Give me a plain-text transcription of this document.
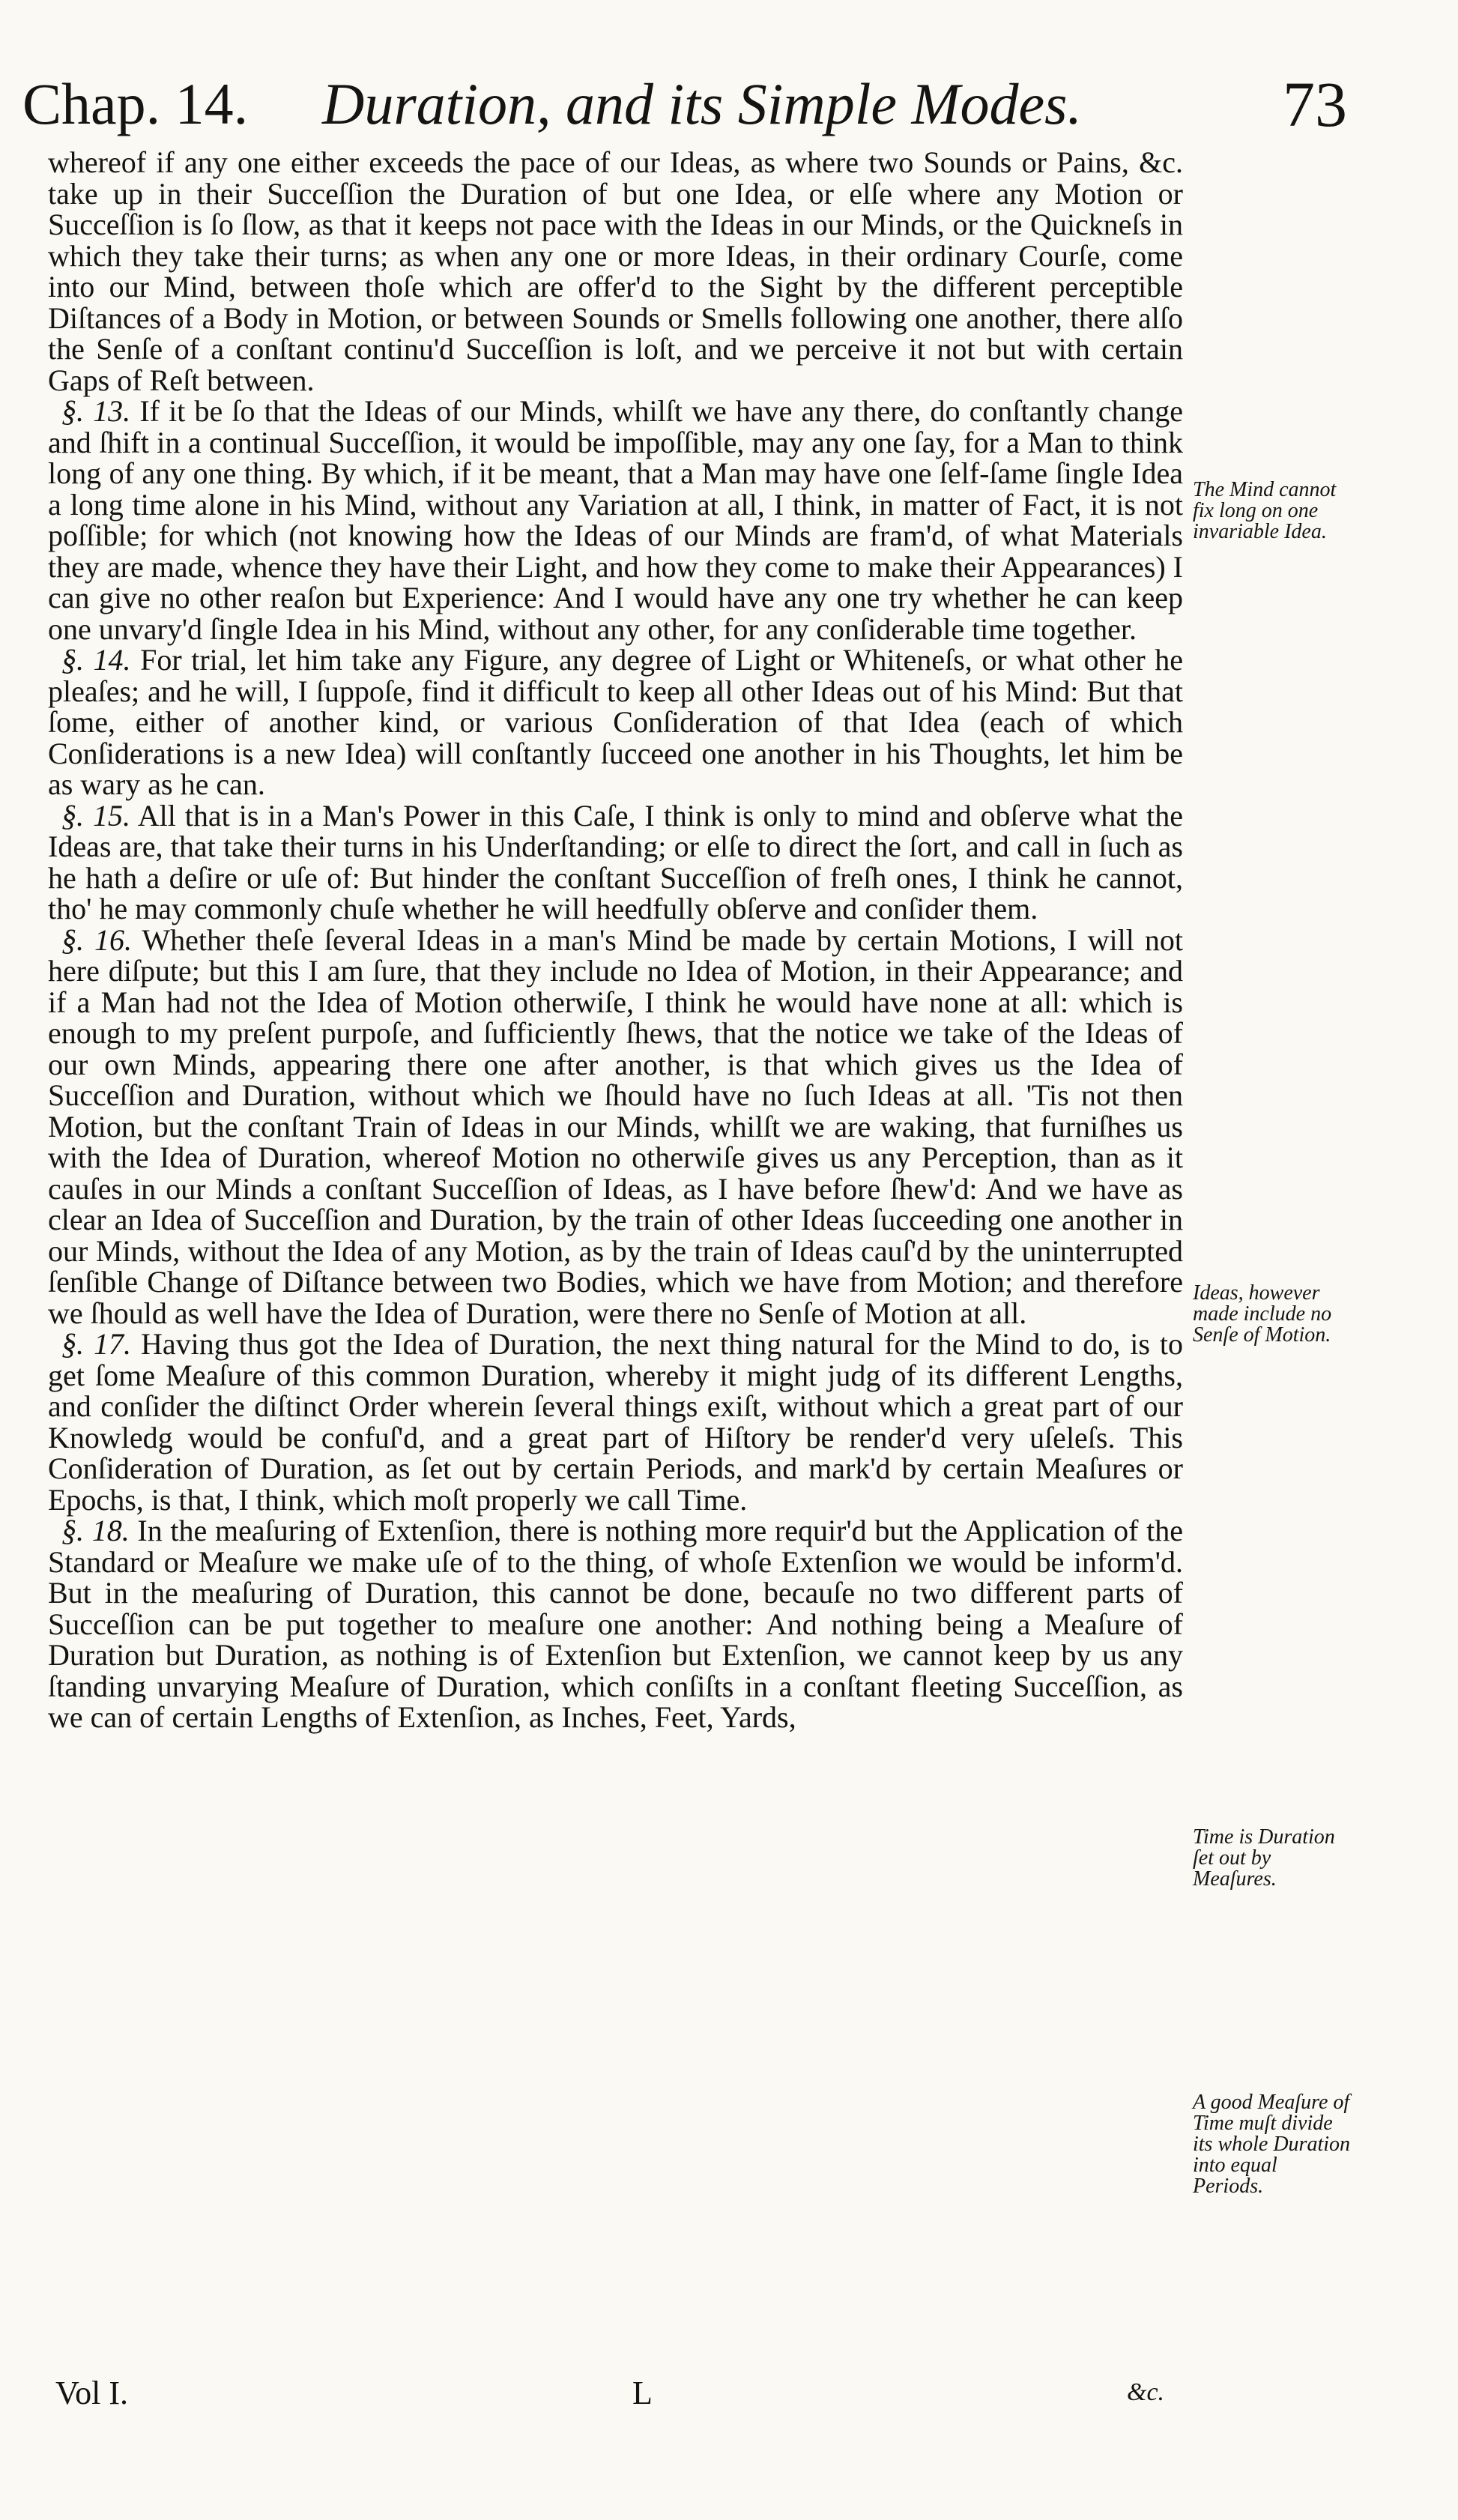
Chap. 14. Duration, and its Simple Modes.	73

whereof if any one either exceeds the pace of our Ideas, as where two Sounds or Pains, &c. take up in their Succeſſion the Duration of but one Idea, or elſe where any Motion or Succeſſion is ſo ſlow, as that it keeps not pace with the Ideas in our Minds, or the Quickneſs in which they take their turns; as when any one or more Ideas, in their ordinary Courſe, come into our Mind, between thoſe which are offer'd to the Sight by the different perceptible Diſtances of a Body in Motion, or between Sounds or Smells following one another, there alſo the Senſe of a conſtant continu'd Succeſſion is loſt, and we perceive it not but with certain Gaps of Reſt between.

§. 13. If it be ſo that the Ideas of our Minds, whilſt we have any there, do conſtantly change and ſhift in a continual Succeſſion, it would be impoſſible, may any one ſay, for a Man to think long of any one thing. By which, if it be meant, that a Man may have one ſelf-ſame ſingle Idea a long time alone in his Mind, without any Variation at all, I think, in matter of Fact, it is not poſſible; for which (not knowing how the Ideas of our Minds are fram'd, of what Materials they are made, whence they have their Light, and how they come to make their Appearances) I can give no other reaſon but Experience: And I would have any one try whether he can keep one unvary'd ſingle Idea in his Mind, without any other, for any conſiderable time together.

§. 14. For trial, let him take any Figure, any degree of Light or Whiteneſs, or what other he pleaſes; and he will, I ſuppoſe, find it difficult to keep all other Ideas out of his Mind: But that ſome, either of another kind, or various Conſideration of that Idea (each of which Conſiderations is a new Idea) will conſtantly ſucceed one another in his Thoughts, let him be as wary as he can.

§. 15. All that is in a Man's Power in this Caſe, I think is only to mind and obſerve what the Ideas are, that take their turns in his Underſtanding; or elſe to direct the ſort, and call in ſuch as he hath a deſire or uſe of: But hinder the conſtant Succeſſion of freſh ones, I think he cannot, tho' he may commonly chuſe whether he will heedfully obſerve and conſider them.

§. 16. Whether theſe ſeveral Ideas in a man's Mind be made by certain Motions, I will not here diſpute; but this I am ſure, that they include no Idea of Motion, in their Appearance; and if a Man had not the Idea of Motion otherwiſe, I think he would have none at all: which is enough to my preſent purpoſe, and ſufficiently ſhews, that the notice we take of the Ideas of our own Minds, appearing there one after another, is that which gives us the Idea of Succeſſion and Duration, without which we ſhould have no ſuch Ideas at all. 'Tis not then Motion, but the conſtant Train of Ideas in our Minds, whilſt we are waking, that furniſhes us with the Idea of Duration, whereof Motion no otherwiſe gives us any Perception, than as it cauſes in our Minds a conſtant Succeſſion of Ideas, as I have before ſhew'd: And we have as clear an Idea of Succeſſion and Duration, by the train of other Ideas ſucceeding one another in our Minds, without the Idea of any Motion, as by the train of Ideas cauſ'd by the uninterrupted ſenſible Change of Diſtance between two Bodies, which we have from Motion; and therefore we ſhould as well have the Idea of Duration, were there no Senſe of Motion at all.

§. 17. Having thus got the Idea of Duration, the next thing natural for the Mind to do, is to get ſome Meaſure of this common Duration, whereby it might judg of its different Lengths, and conſider the diſtinct Order wherein ſeveral things exiſt, without which a great part of our Knowledg would be confuſ'd, and a great part of Hiſtory be render'd very uſeleſs. This Conſideration of Duration, as ſet out by certain Periods, and mark'd by certain Meaſures or Epochs, is that, I think, which moſt properly we call Time.

§. 18. In the meaſuring of Extenſion, there is nothing more requir'd but the Application of the Standard or Meaſure we make uſe of to the thing, of whoſe Extenſion we would be inform'd. But in the meaſuring of Duration, this cannot be done, becauſe no two different parts of Succeſſion can be put together to meaſure one another: And nothing being a Meaſure of Duration but Duration, as nothing is of Extenſion but Extenſion, we cannot keep by us any ſtanding unvarying Meaſure of Duration, which conſiſts in a conſtant fleeting Succeſſion, as we can of certain Lengths of Extenſion, as Inches, Feet, Yards,

The Mind cannot fix long on one invariable Idea.
Ideas, however made include no Senſe of Motion.
Time is Duration ſet out by Meaſures.
A good Meaſure of Time muſt divide its whole Duration into equal Periods.
Vol I.	L	&c.
